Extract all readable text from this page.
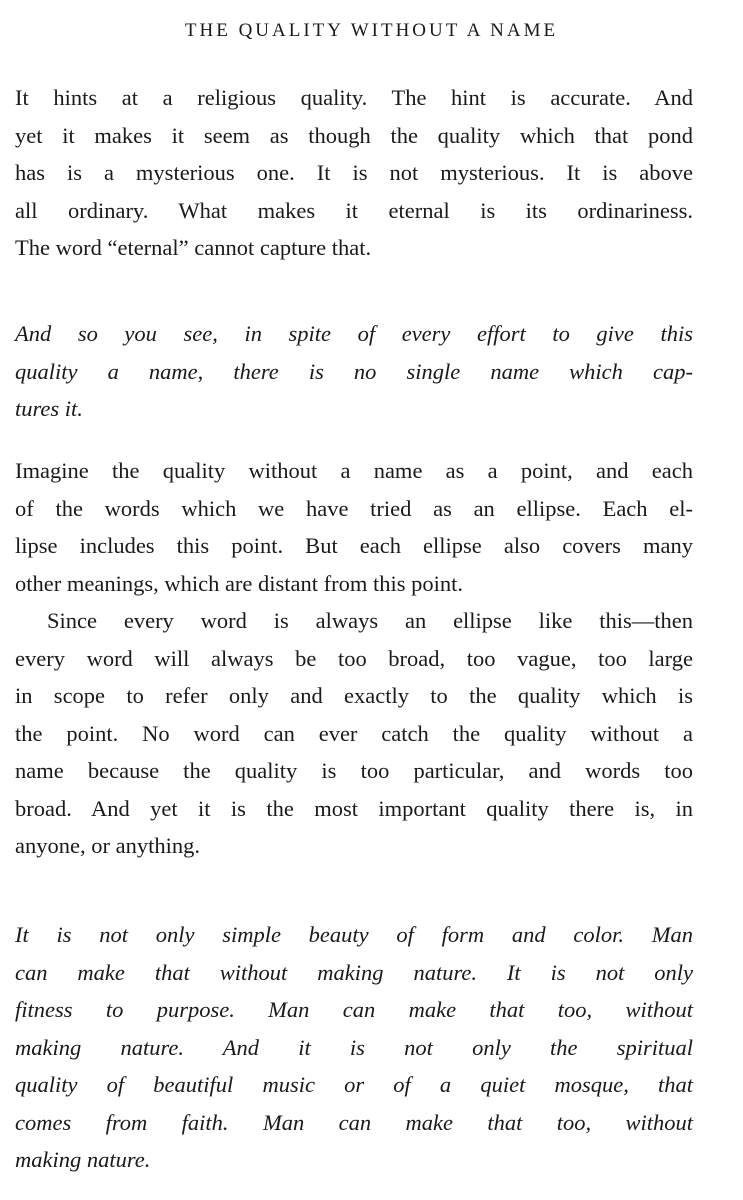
THE QUALITY WITHOUT A NAME
It hints at a religious quality. The hint is accurate. And
yet it makes it seem as though the quality which that pond
has is a mysterious one. It is not mysterious. It is above
all ordinary. What makes it eternal is its ordinariness.
The word “eternal” cannot capture that.
And so you see, in spite of every effort to give this
quality a name, there is no single name which cap-
tures it.
Imagine the quality without a name as a point, and each
of the words which we have tried as an ellipse. Each el-
lipse includes this point. But each ellipse also covers many
other meanings, which are distant from this point.
Since every word is always an ellipse like this—then
every word will always be too broad, too vague, too large
in scope to refer only and exactly to the quality which is
the point. No word can ever catch the quality without a
name because the quality is too particular, and words too
broad. And yet it is the most important quality there is, in
anyone, or anything.
It is not only simple beauty of form and color. Man
can make that without making nature. It is not only
fitness to purpose. Man can make that too, without
making nature. And it is not only the spiritual
quality of beautiful music or of a quiet mosque, that
comes from faith. Man can make that too, without
making nature.
